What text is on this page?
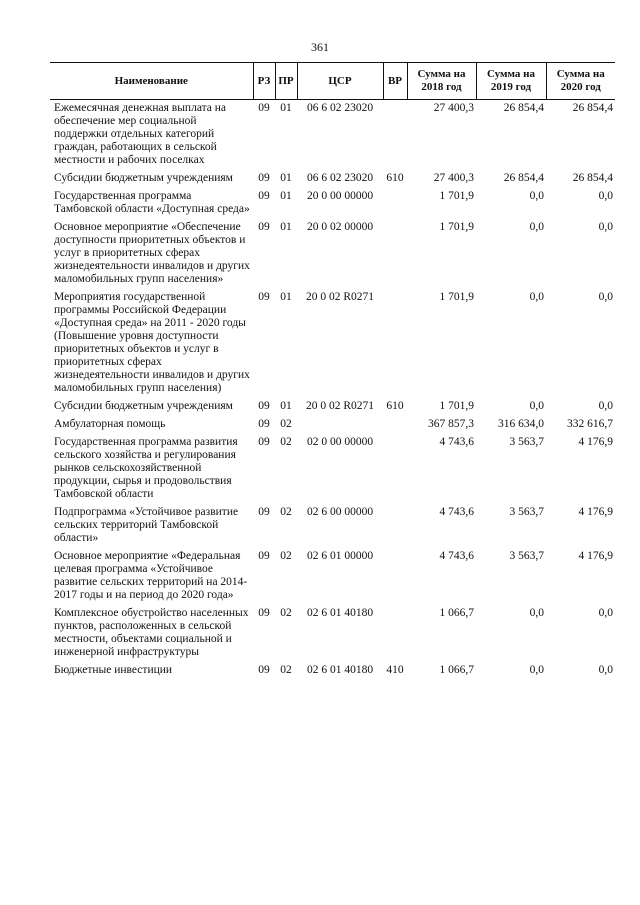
361
Наименование	РЗ	ПР	ЦСР	ВР	Сумма на 2018 год	Сумма на 2019 год	Сумма на 2020 год
Ежемесячная денежная выплата на обеспечение мер социальной поддержки отдельных категорий граждан, работающих в сельской местности и рабочих поселках	09	01	06 6 02 23020		27 400,3	26 854,4	26 854,4
Субсидии бюджетным учреждениям	09	01	06 6 02 23020	610	27 400,3	26 854,4	26 854,4
Государственная программа Тамбовской области «Доступная среда»	09	01	20 0 00 00000		1 701,9	0,0	0,0
Основное мероприятие «Обеспечение доступности приоритетных объектов и услуг в приоритетных сферах жизнедеятельности инвалидов и других маломобильных групп населения»	09	01	20 0 02 00000		1 701,9	0,0	0,0
Мероприятия государственной программы Российской Федерации «Доступная среда» на 2011 - 2020 годы (Повышение уровня доступности приоритетных объектов и услуг в приоритетных сферах жизнедеятельности инвалидов и других маломобильных групп населения)	09	01	20 0 02 R0271		1 701,9	0,0	0,0
Субсидии бюджетным учреждениям	09	01	20 0 02 R0271	610	1 701,9	0,0	0,0
Амбулаторная помощь	09	02			367 857,3	316 634,0	332 616,7
Государственная программа развития сельского хозяйства и регулирования рынков сельскохозяйственной продукции, сырья и продовольствия Тамбовской области	09	02	02 0 00 00000		4 743,6	3 563,7	4 176,9
Подпрограмма «Устойчивое развитие сельских территорий Тамбовской области»	09	02	02 6 00 00000		4 743,6	3 563,7	4 176,9
Основное мероприятие «Федеральная целевая программа «Устойчивое развитие сельских территорий на 2014-2017 годы и на период до 2020 года»	09	02	02 6 01 00000		4 743,6	3 563,7	4 176,9
Комплексное обустройство населенных пунктов, расположенных в сельской местности, объектами социальной и инженерной инфраструктуры	09	02	02 6 01 40180		1 066,7	0,0	0,0
Бюджетные инвестиции	09	02	02 6 01 40180	410	1 066,7	0,0	0,0
